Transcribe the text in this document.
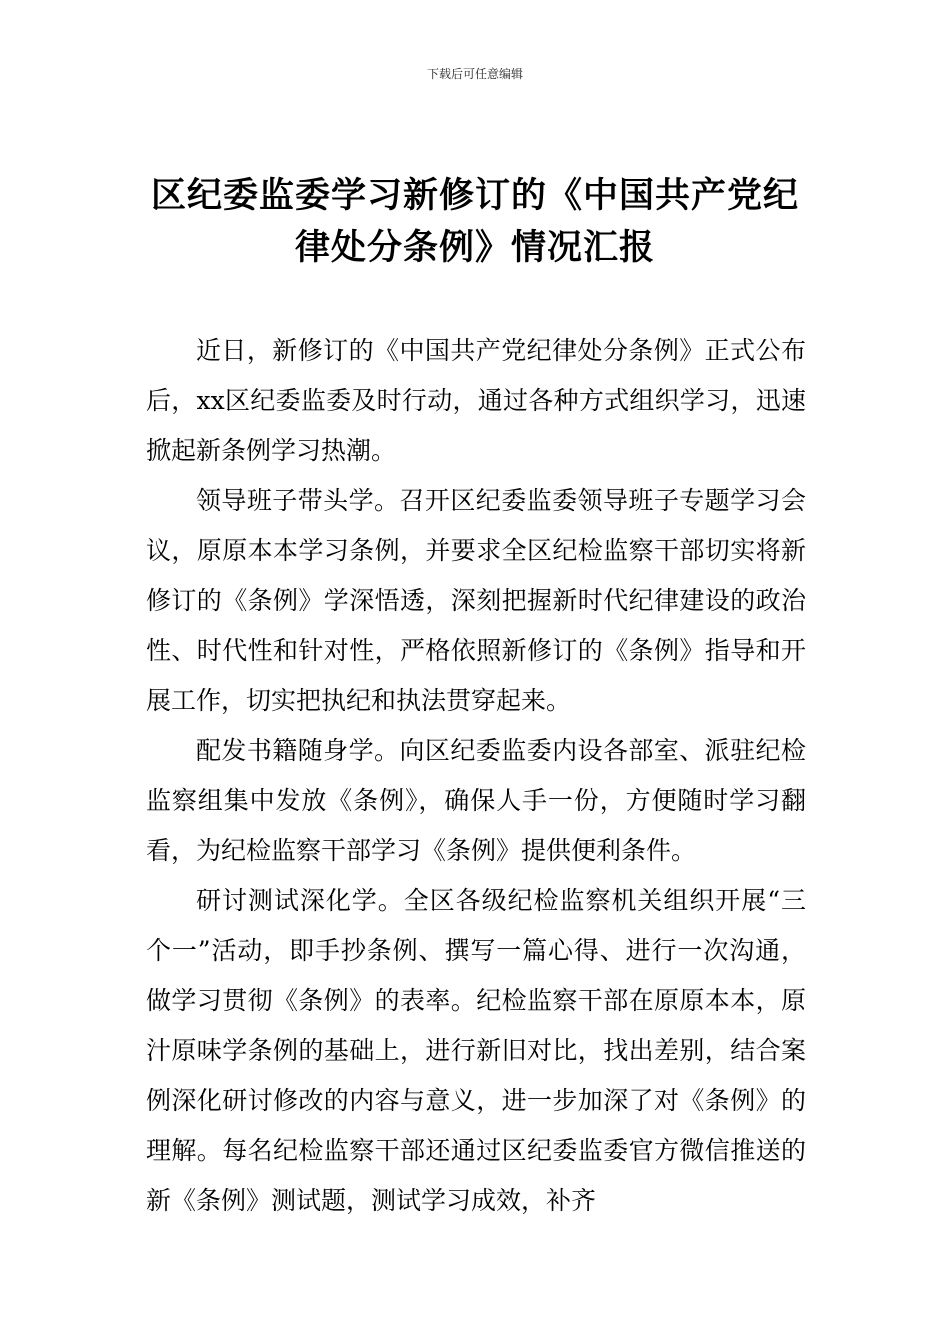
下载后可任意编辑
区纪委监委学习新修订的《中国共产党纪律处分条例》情况汇报

近日，新修订的《中国共产党纪律处分条例》正式公布后，xx区纪委监委及时行动，通过各种方式组织学习，迅速掀起新条例学习热潮。

领导班子带头学。召开区纪委监委领导班子专题学习会议，原原本本学习条例，并要求全区纪检监察干部切实将新修订的《条例》学深悟透，深刻把握新时代纪律建设的政治性、时代性和针对性，严格依照新修订的《条例》指导和开展工作，切实把执纪和执法贯穿起来。

配发书籍随身学。向区纪委监委内设各部室、派驻纪检监察组集中发放《条例》，确保人手一份，方便随时学习翻看，为纪检监察干部学习《条例》提供便利条件。

研讨测试深化学。全区各级纪检监察机关组织开展“三个一”活动，即手抄条例、撰写一篇心得、进行一次沟通，做学习贯彻《条例》的表率。纪检监察干部在原原本本，原汁原味学条例的基础上，进行新旧对比，找出差别，结合案例深化研讨修改的内容与意义，进一步加深了对《条例》的理解。每名纪检监察干部还通过区纪委监委官方微信推送的新《条例》测试题，测试学习成效，补齐
